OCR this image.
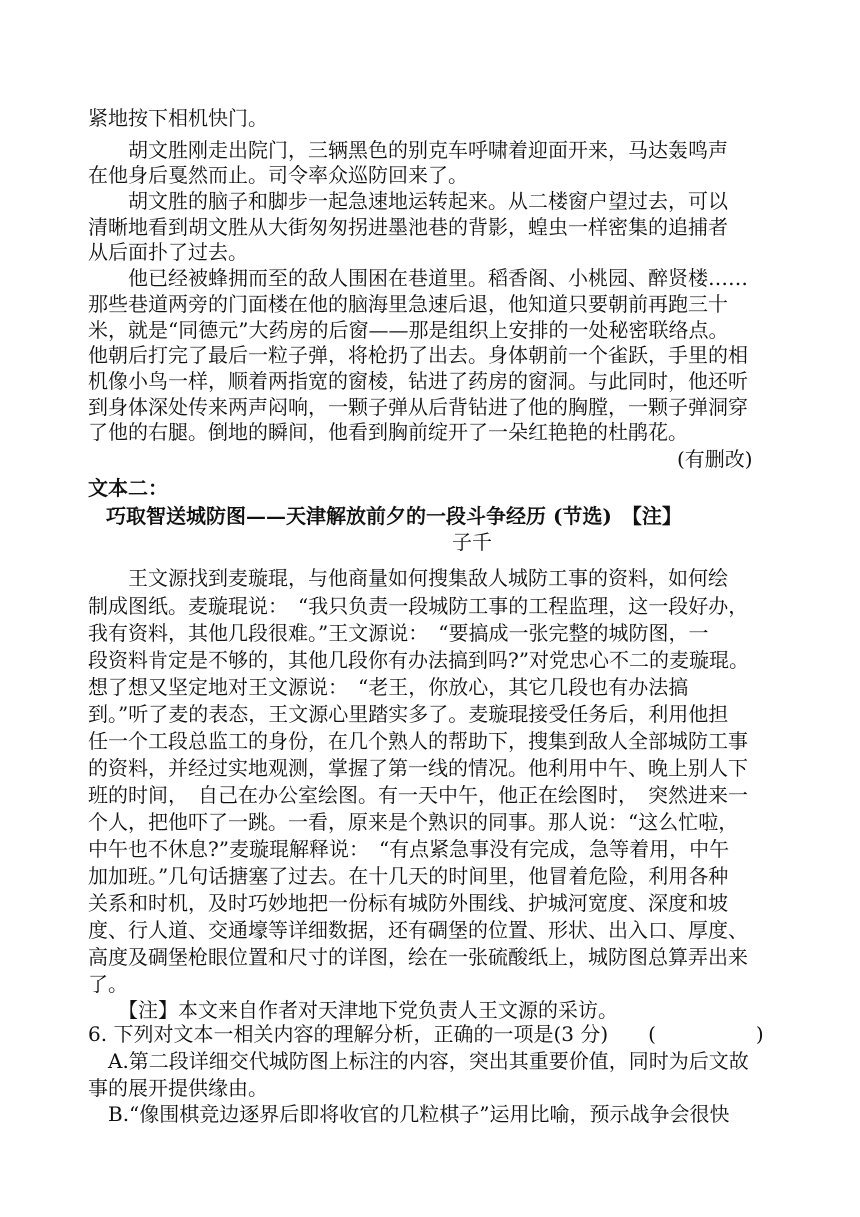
紧地按下相机快门。
　　胡文胜刚走出院门，三辆黑色的别克车呼啸着迎面开来，马达轰鸣声
在他身后戛然而止。司令率众巡防回来了。
　　胡文胜的脑子和脚步一起急速地运转起来。从二楼窗户望过去，可以
清晰地看到胡文胜从大街匆匆拐进墨池巷的背影，蝗虫一样密集的追捕者
从后面扑了过去。
　　他已经被蜂拥而至的敌人围困在巷道里。稻香阁、小桃园、醉贤楼……
那些巷道两旁的门面楼在他的脑海里急速后退，他知道只要朝前再跑三十
米，就是“同德元”大药房的后窗——那是组织上安排的一处秘密联络点。
他朝后打完了最后一粒子弹，将枪扔了出去。身体朝前一个雀跃，手里的相
机像小鸟一样，顺着两指宽的窗棱，钻进了药房的窗洞。与此同时，他还听
到身体深处传来两声闷响，一颗子弹从后背钻进了他的胸膛，一颗子弹洞穿
了他的右腿。倒地的瞬间，他看到胸前绽开了一朵红艳艳的杜鹃花。
(有删改)
文本二：
巧取智送城防图——天津解放前夕的一段斗争经历 (节选)　【注】
子千
　　王文源找到麦璇琨，与他商量如何搜集敌人城防工事的资料，如何绘
制成图纸。麦璇琨说：　“我只负责一段城防工事的工程监理，这一段好办，
我有资料，其他几段很难。”王文源说：　“要搞成一张完整的城防图，一
段资料肯定是不够的，其他几段你有办法搞到吗?”对党忠心不二的麦璇琨。
想了想又坚定地对王文源说：　“老王，你放心，其它几段也有办法搞
到。”听了麦的表态，王文源心里踏实多了。麦璇琨接受任务后，利用他担
任一个工段总监工的身份，在几个熟人的帮助下，搜集到敌人全部城防工事
的资料，并经过实地观测，掌握了第一线的情况。他利用中午、晚上别人下
班的时间，　自己在办公室绘图。有一天中午，他正在绘图时，　突然进来一
个人，把他吓了一跳。一看，原来是个熟识的同事。那人说：“这么忙啦，
中午也不休息?”麦璇琨解释说：　“有点紧急事没有完成，急等着用，中午
加加班。”几句话搪塞了过去。在十几天的时间里，他冒着危险，利用各种
关系和时机，及时巧妙地把一份标有城防外围线、护城河宽度、深度和坡
度、行人道、交通壕等详细数据，还有碉堡的位置、形状、出入口、厚度、
高度及碉堡枪眼位置和尺寸的详图，绘在一张硫酸纸上，城防图总算弄出来
了。
　　【注】本文来自作者对天津地下党负责人王文源的采访。
6. 下列对文本一相关内容的理解分析，正确的一项是(3 分)　　(　　　　　)
　A.第二段详细交代城防图上标注的内容，突出其重要价值，同时为后文故
事的展开提供缘由。
　B.“像围棋竞边逐界后即将收官的几粒棋子”运用比喻，预示战争会很快
